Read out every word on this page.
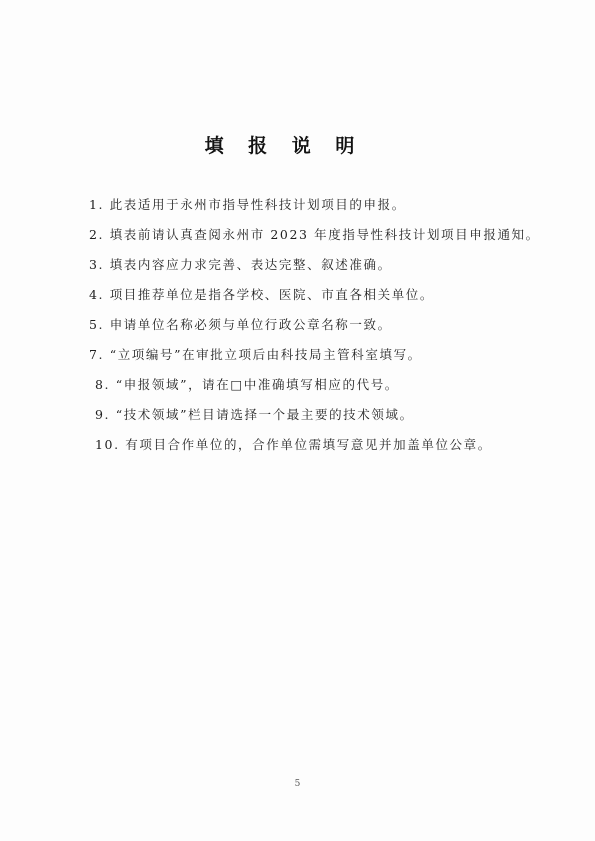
填 报 说 明
1. 此表适用于永州市指导性科技计划项目的申报。
2. 填表前请认真查阅永州市 2023 年度指导性科技计划项目申报通知。
3. 填表内容应力求完善、表达完整、叙述准确。
4. 项目推荐单位是指各学校、医院、市直各相关单位。
5. 申请单位名称必须与单位行政公章名称一致。
7. “立项编号”在审批立项后由科技局主管科室填写。
8. “申报领域”，请在□中准确填写相应的代号。
9. “技术领域”栏目请选择一个最主要的技术领域。
10. 有项目合作单位的，合作单位需填写意见并加盖单位公章。
5
